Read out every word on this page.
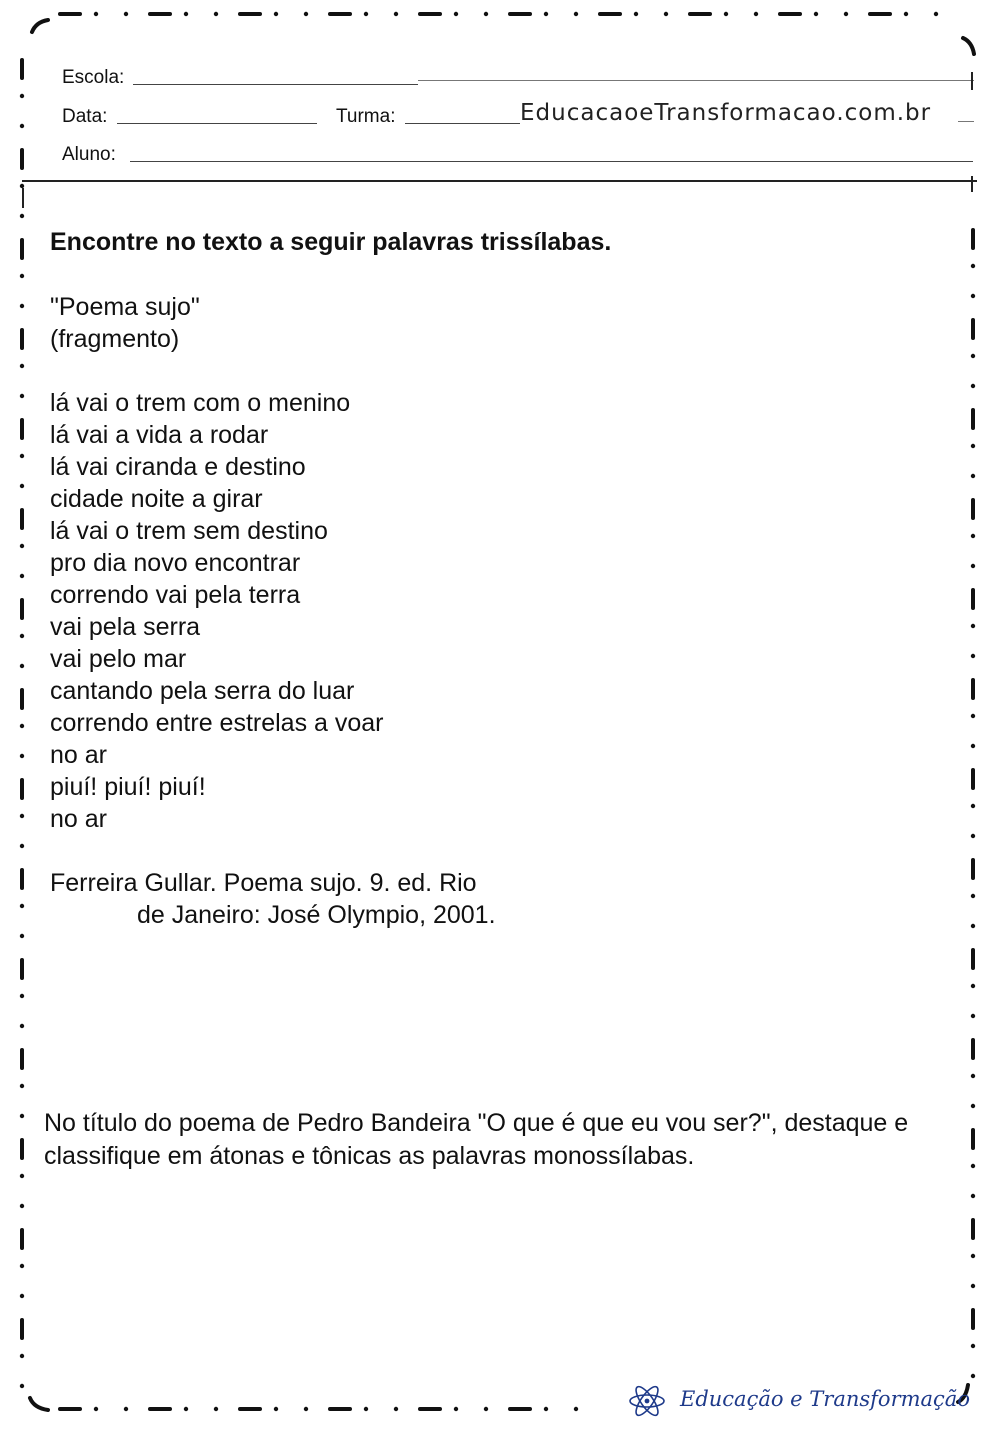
Escola:
Data:	Turma:	EducacaoeTransformacao.com.br
Aluno:
Encontre no texto a seguir palavras trissílabas.
"Poema sujo"
(fragmento)
lá vai o trem com o menino
lá vai a vida a rodar
lá vai ciranda e destino
cidade noite a girar
lá vai o trem sem destino
pro dia novo encontrar
correndo vai pela terra
vai pela serra
vai pelo mar
cantando pela serra do luar
correndo entre estrelas a voar
no ar
piuí! piuí! piuí!
no ar
Ferreira Gullar. Poema sujo. 9. ed. Rio
de Janeiro: José Olympio, 2001.
No título do poema de Pedro Bandeira "O que é que eu vou ser?", destaque e classifique em átonas e tônicas as palavras monossílabas.
Educação e Transformação
